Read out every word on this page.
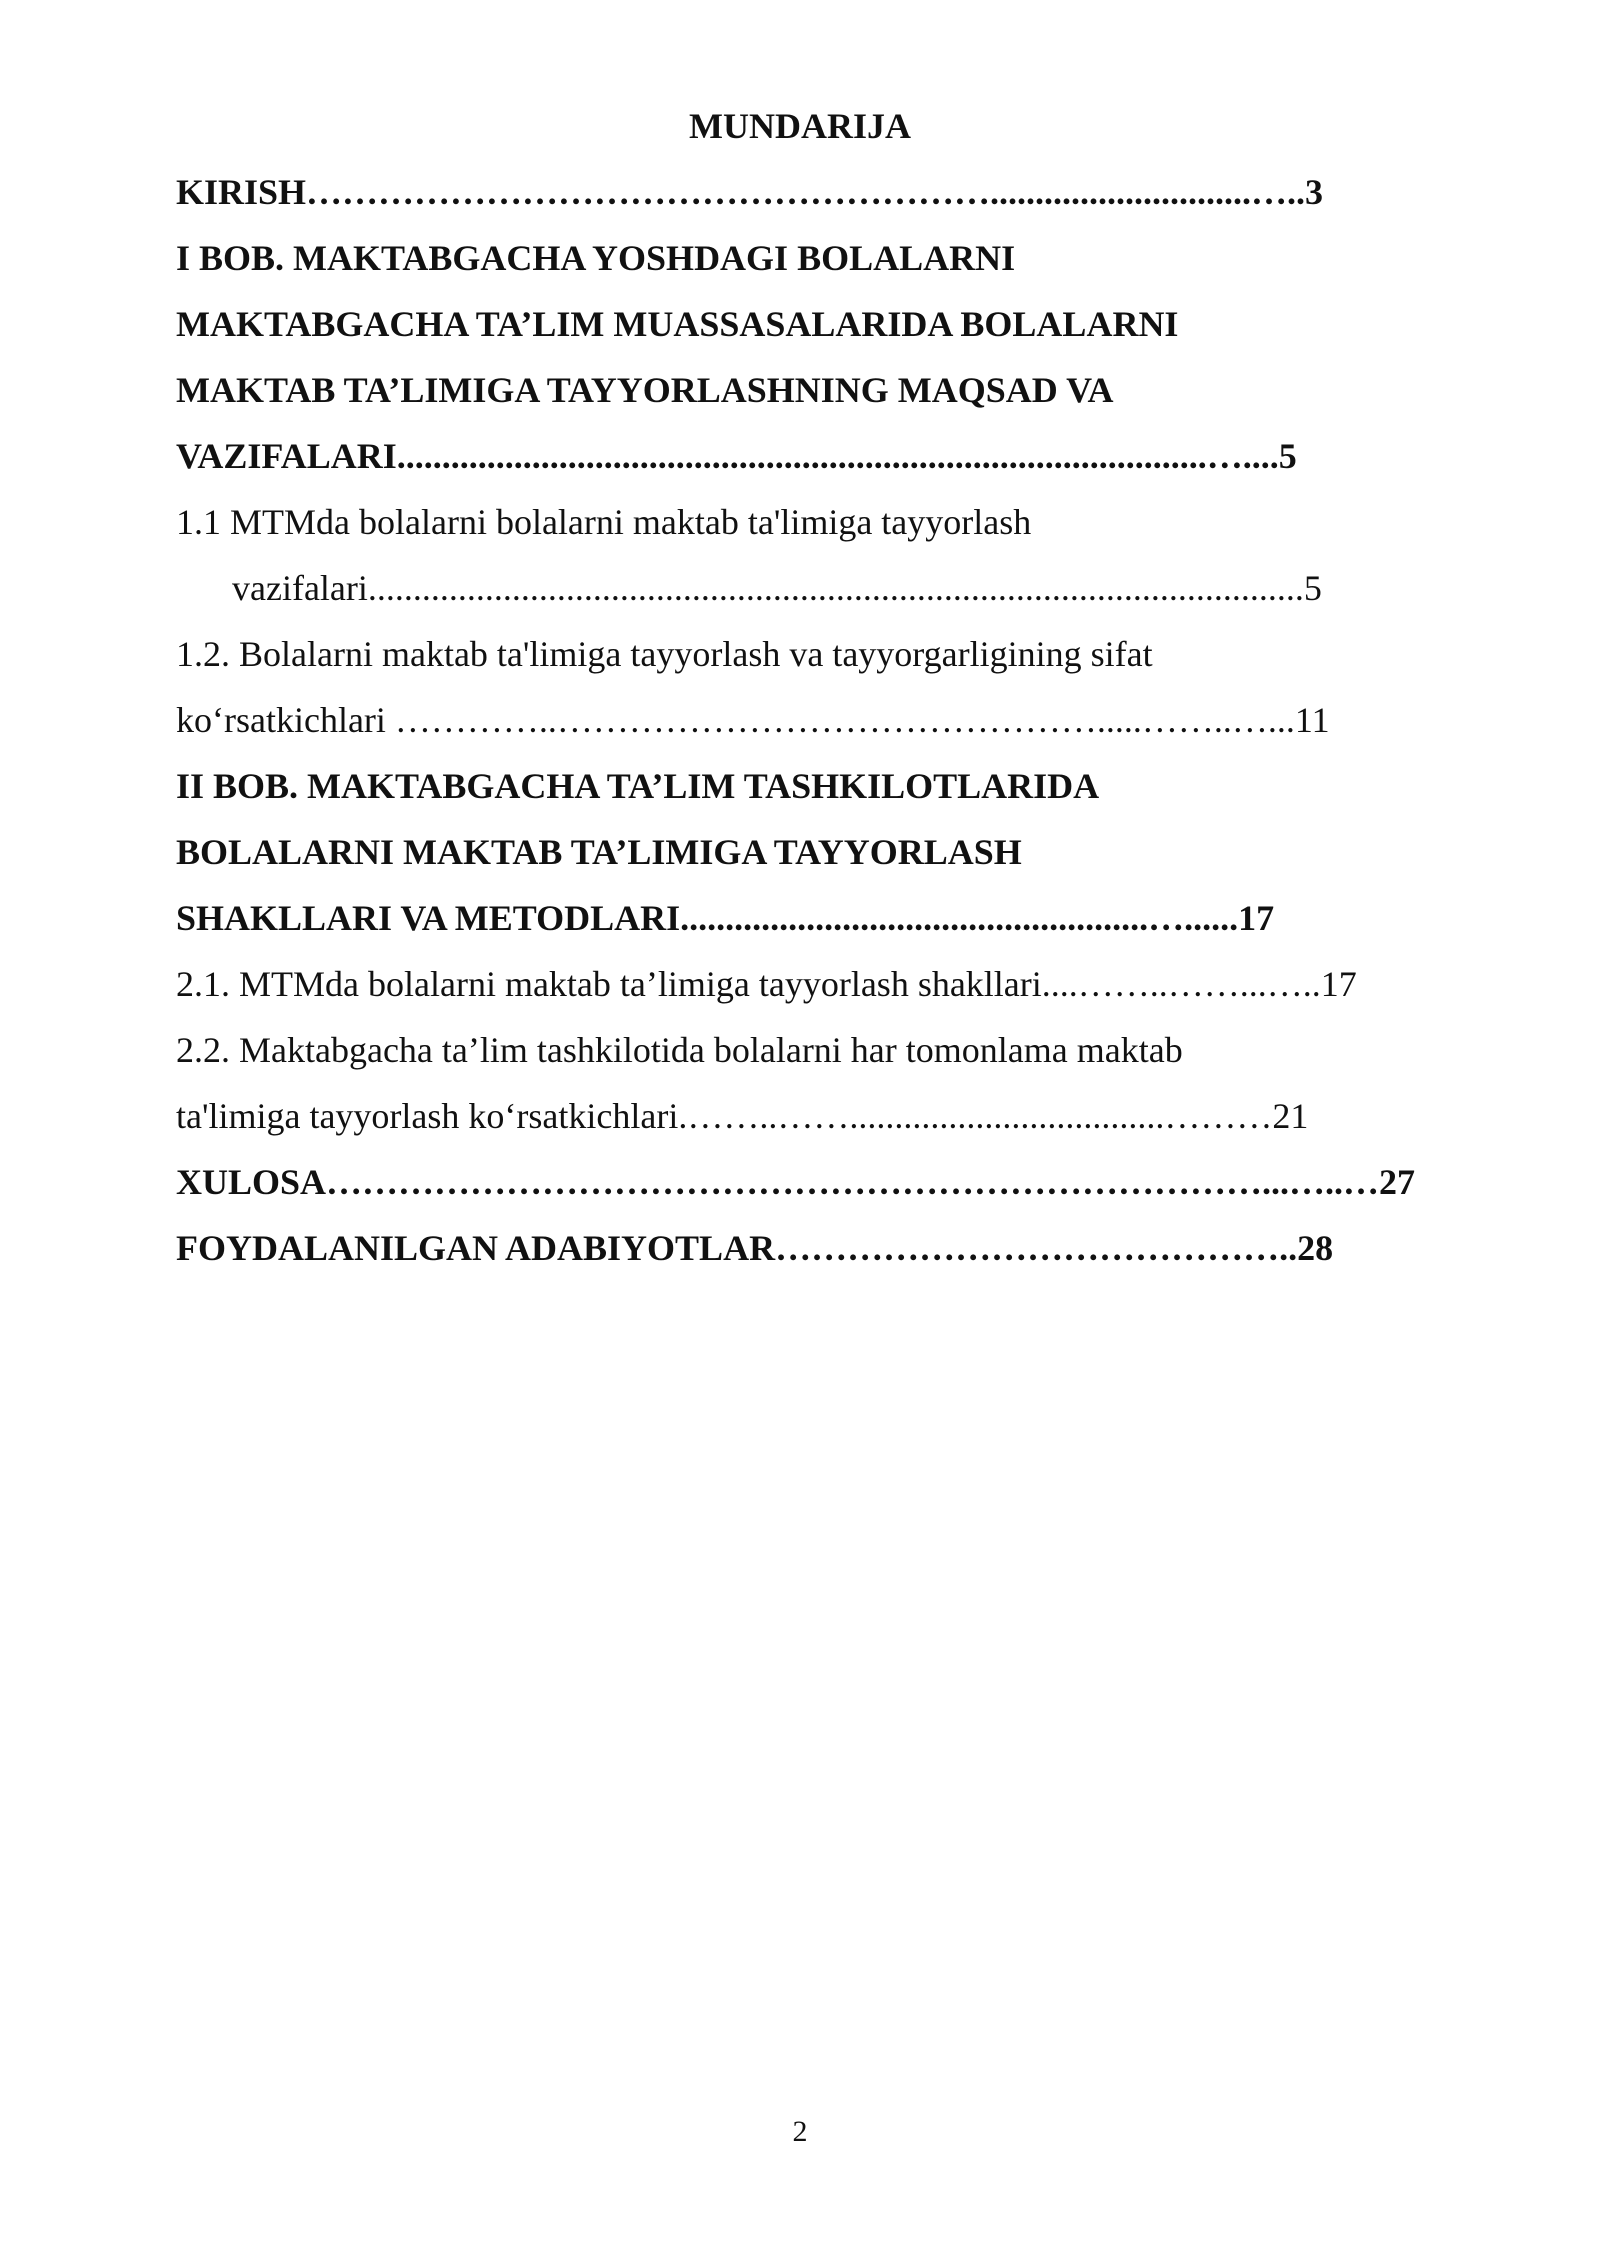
MUNDARIJA
KIRISH………………………………………………….............................…..3
I BOB. MAKTABGACHA YOSHDAGI BOLALARNI
MAKTABGACHA TA’LIM MUASSASALARIDA BOLALARNI
MAKTAB TA’LIMIGA TAYYORLASHNING MAQSAD VA
VAZIFALARI..........................................................................................…....5
1.1 MTMda bolalarni bolalarni maktab ta'limiga tayyorlash
vazifalari........................................................................................................5
1.2. Bolalarni maktab ta'limiga tayyorlash va tayyorgarligining sifat
ko‘rsatkichlari …………..……………………………………….....……..…...11
II BOB. MAKTABGACHA TA’LIM TASHKILOTLARIDA
BOLALARNI MAKTAB TA’LIMIGA TAYYORLASH
SHAKLLARI VA METODLARI....................................................…......17
2.1. MTMda bolalarni maktab ta’limiga tayyorlash shakllari....……..……...…..17
2.2. Maktabgacha ta’lim tashkilotida bolalarni har tomonlama maktab
ta'limiga tayyorlash ko‘rsatkichlari.……..……...................................………21
XULOSA……………………………………………………………………...…..…27
FOYDALANILGAN ADABIYOTLAR……………………………………..28
2
